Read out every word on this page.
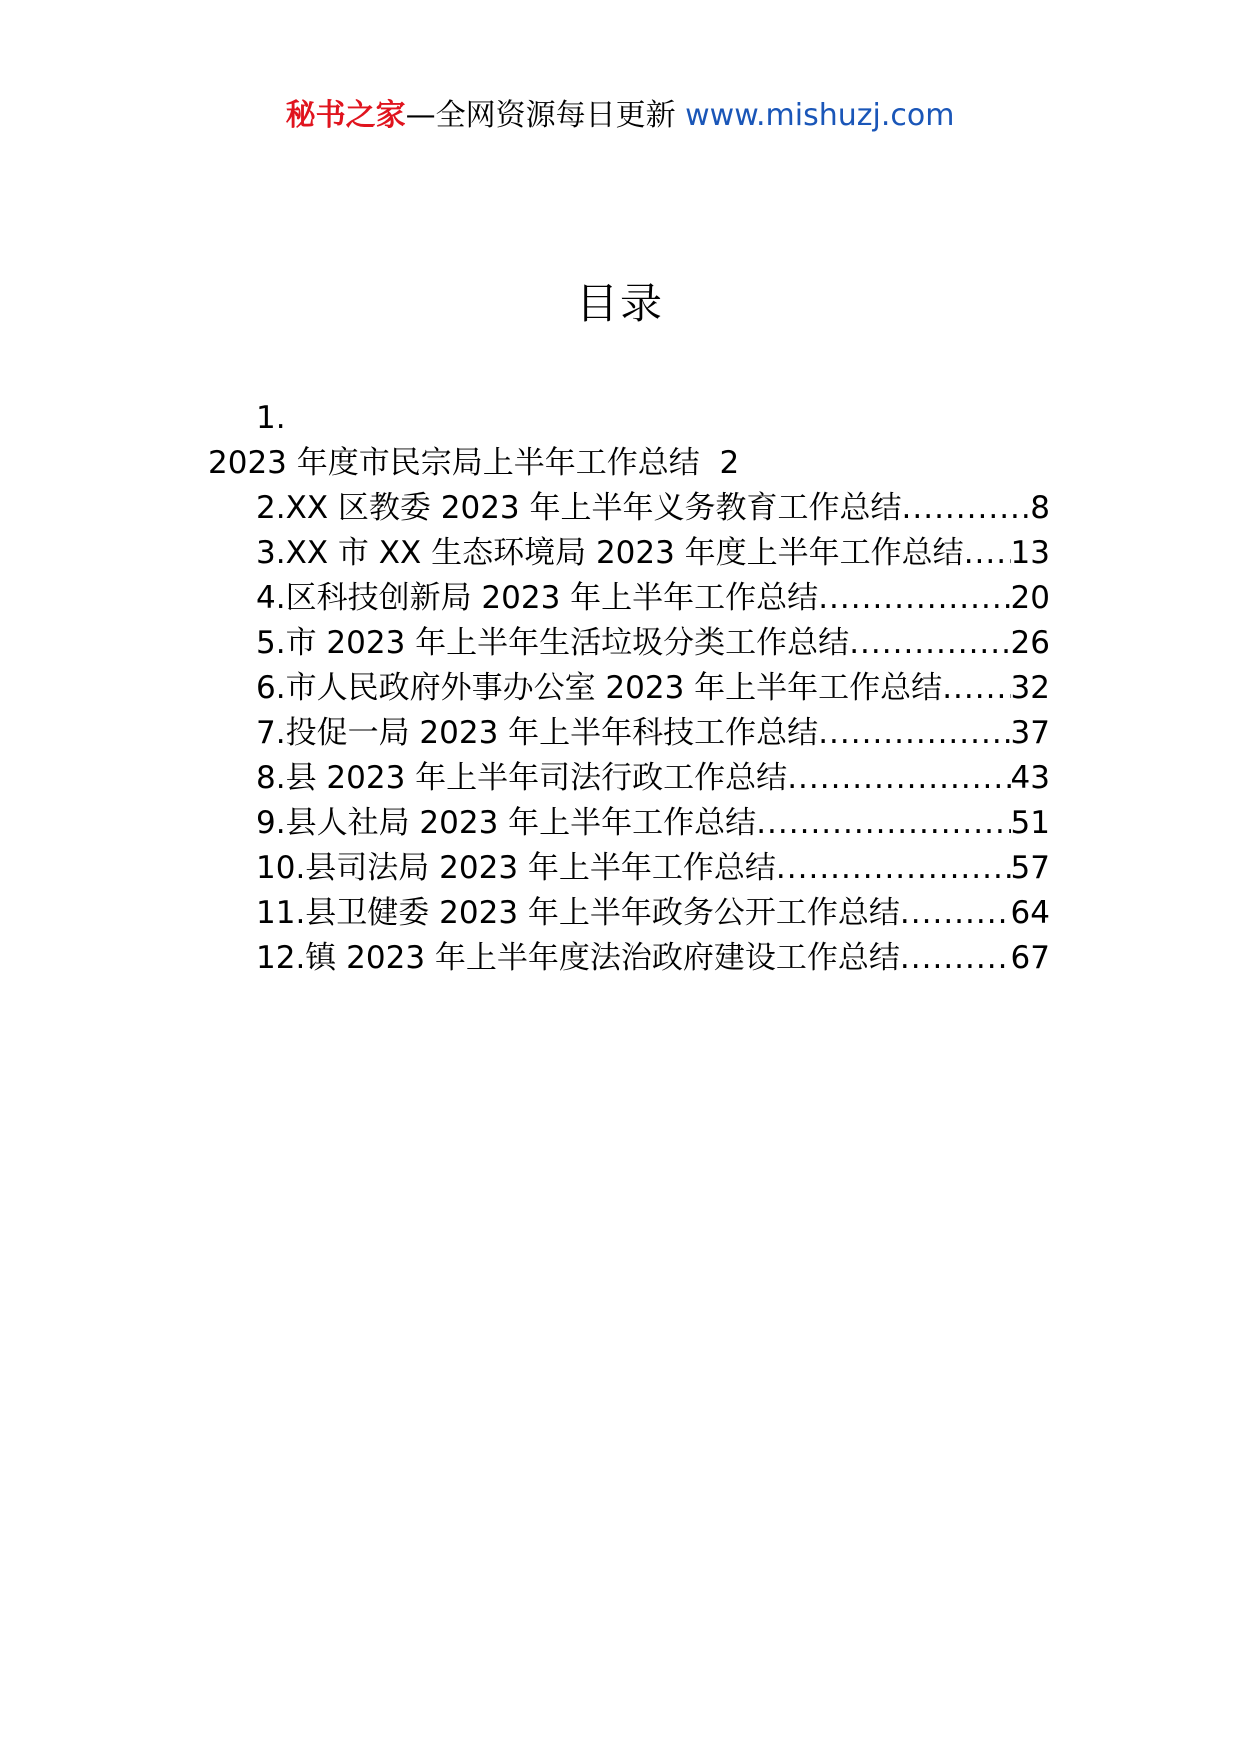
秘书之家—全网资源每日更新 www.mishuzj.com
目录
1.
2023 年度市民宗局上半年工作总结 2
2.XX 区教委 2023 年上半年义务教育工作总结 .....	8
3.XX 市 XX 生态环境局 2023 年度上半年工作总结 ..... 13
4.区科技创新局 2023 年上半年工作总结 .....	20
5.市 2023 年上半年生活垃圾分类工作总结 .....	26
6.市人民政府外事办公室 2023 年上半年工作总结 ..... 32
7.投促一局 2023 年上半年科技工作总结 .....	37
8.县 2023 年上半年司法行政工作总结 .....	43
9.县人社局 2023 年上半年工作总结 .....	51
10.县司法局 2023 年上半年工作总结 .....	57
11.县卫健委 2023 年上半年政务公开工作总结 .....	64
12.镇 2023 年上半年度法治政府建设工作总结 .....	67
